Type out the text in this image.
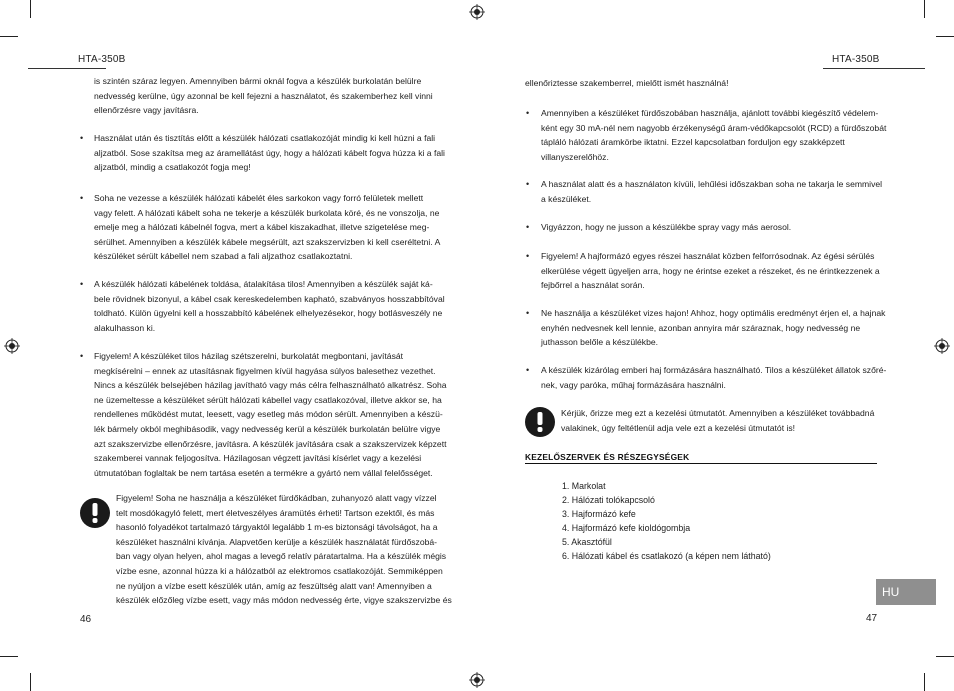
HTA-350B
is szintén száraz legyen. Amennyiben bármi oknál fogva a készülék burkolatán belülre
nedvesség kerülne, úgy azonnal be kell fejezni a használatot, és szakemberhez kell vinni
ellenőrzésre vagy javításra.
• Használat után és tisztítás előtt a készülék hálózati csatlakozóját mindig ki kell húzni a fali
aljzatból. Sose szakítsa meg az áramellátást úgy, hogy a hálózati kábelt fogva húzza ki a fali
aljzatból, mindig a csatlakozót fogja meg!
• Soha ne vezesse a készülék hálózati kábelét éles sarkokon vagy forró felületek mellett
vagy felett. A hálózati kábelt soha ne tekerje a készülék burkolata köré, és ne vonszolja, ne
emelje meg a hálózati kábelnél fogva, mert a kábel kiszakadhat, illetve szigetelése meg-
sérülhet. Amennyiben a készülék kábele megsérült, azt szakszervizben ki kell cseréltetni. A
készüléket sérült kábellel nem szabad a fali aljzathoz csatlakoztatni.
• A készülék hálózati kábelének toldása, átalakítása tilos! Amennyiben a készülék saját ká-
bele rövidnek bizonyul, a kábel csak kereskedelemben kapható, szabványos hosszabbítóval
toldható. Külön ügyelni kell a hosszabbító kábelének elhelyezésekor, hogy botlásveszély ne
alakulhasson ki.
• Figyelem! A készüléket tilos házilag szétszerelni, burkolatát megbontani, javítását
megkísérelni – ennek az utasításnak figyelmen kívül hagyása súlyos balesethez vezethet.
Nincs a készülék belsejében házilag javítható vagy más célra felhasználható alkatrész. Soha
ne üzemeltesse a készüléket sérült hálózati kábellel vagy csatlakozóval, illetve akkor se, ha
rendellenes működést mutat, leesett, vagy esetleg más módon sérült. Amennyiben a készü-
lék bármely okból meghibásodik, vagy nedvesség kerül a készülék burkolatán belülre vigye
azt szakszervizbe ellenőrzésre, javításra. A készülék javítására csak a szakszervizek képzett
szakemberei vannak feljogosítva. Házilagosan végzett javítási kísérlet vagy a kezelési
útmutatóban foglaltak be nem tartása esetén a termékre a gyártó nem vállal felelősséget.
Figyelem! Soha ne használja a készüléket fürdőkádban, zuhanyozó alatt vagy vízzel
telt mosdókagyló felett, mert életveszélyes áramütés érheti! Tartson ezektől, és más
hasonló folyadékot tartalmazó tárgyaktól legalább 1 m-es biztonsági távolságot, ha a
készüléket használni kívánja. Alapvetően kerülje a készülék használatát fürdőszobá-
ban vagy olyan helyen, ahol magas a levegő relatív páratartalma. Ha a készülék mégis
vízbe esne, azonnal húzza ki a hálózatból az elektromos csatlakozóját. Semmiképpen
ne nyúljon a vízbe esett készülék után, amíg az feszültség alatt van! Amennyiben a
készülék előzőleg vízbe esett, vagy más módon nedvesség érte, vigye szakszervizbe és
46
HTA-350B
ellenőriztesse szakemberrel, mielőtt ismét használná!
• Amennyiben a készüléket fürdőszobában használja, ajánlott további kiegészítő védelem-
ként egy 30 mA-nél nem nagyobb érzékenységű áram-védőkapcsolót (RCD) a fürdőszobát
tápláló hálózati áramkörbe iktatni. Ezzel kapcsolatban forduljon egy szakképzett
villanyszerelőhöz.
• A használat alatt és a használaton kívüli, lehűlési időszakban soha ne takarja le semmivel
a készüléket.
• Vigyázzon, hogy ne jusson a készülékbe spray vagy más aerosol.
• Figyelem! A hajformázó egyes részei használat közben felforrósodnak. Az égési sérülés
elkerülése végett ügyeljen arra, hogy ne érintse ezeket a részeket, és ne érintkezzenek a
fejbőrrel a használat során.
• Ne használja a készüléket vizes hajon! Ahhoz, hogy optimális eredményt érjen el, a hajnak
enyhén nedvesnek kell lennie, azonban annyira már száraznak, hogy nedvesség ne
juthasson belőle a készülékbe.
• A készülék kizárólag emberi haj formázására használható. Tilos a készüléket állatok szőré-
nek, vagy paróka, műhaj formázására használni.
Kérjük, őrizze meg ezt a kezelési útmutatót. Amennyiben a készüléket továbbadná
valakinek, úgy feltétlenül adja vele ezt a kezelési útmutatót is!
KEZELŐSZERVEK ÉS RÉSZEGYSÉGEK
1. Markolat
2. Hálózati tolókapcsoló
3. Hajformázó kefe
4. Hajformázó kefe kioldógombja
5. Akasztófül
6. Hálózati kábel és csatlakozó (a képen nem látható)
HU
47
